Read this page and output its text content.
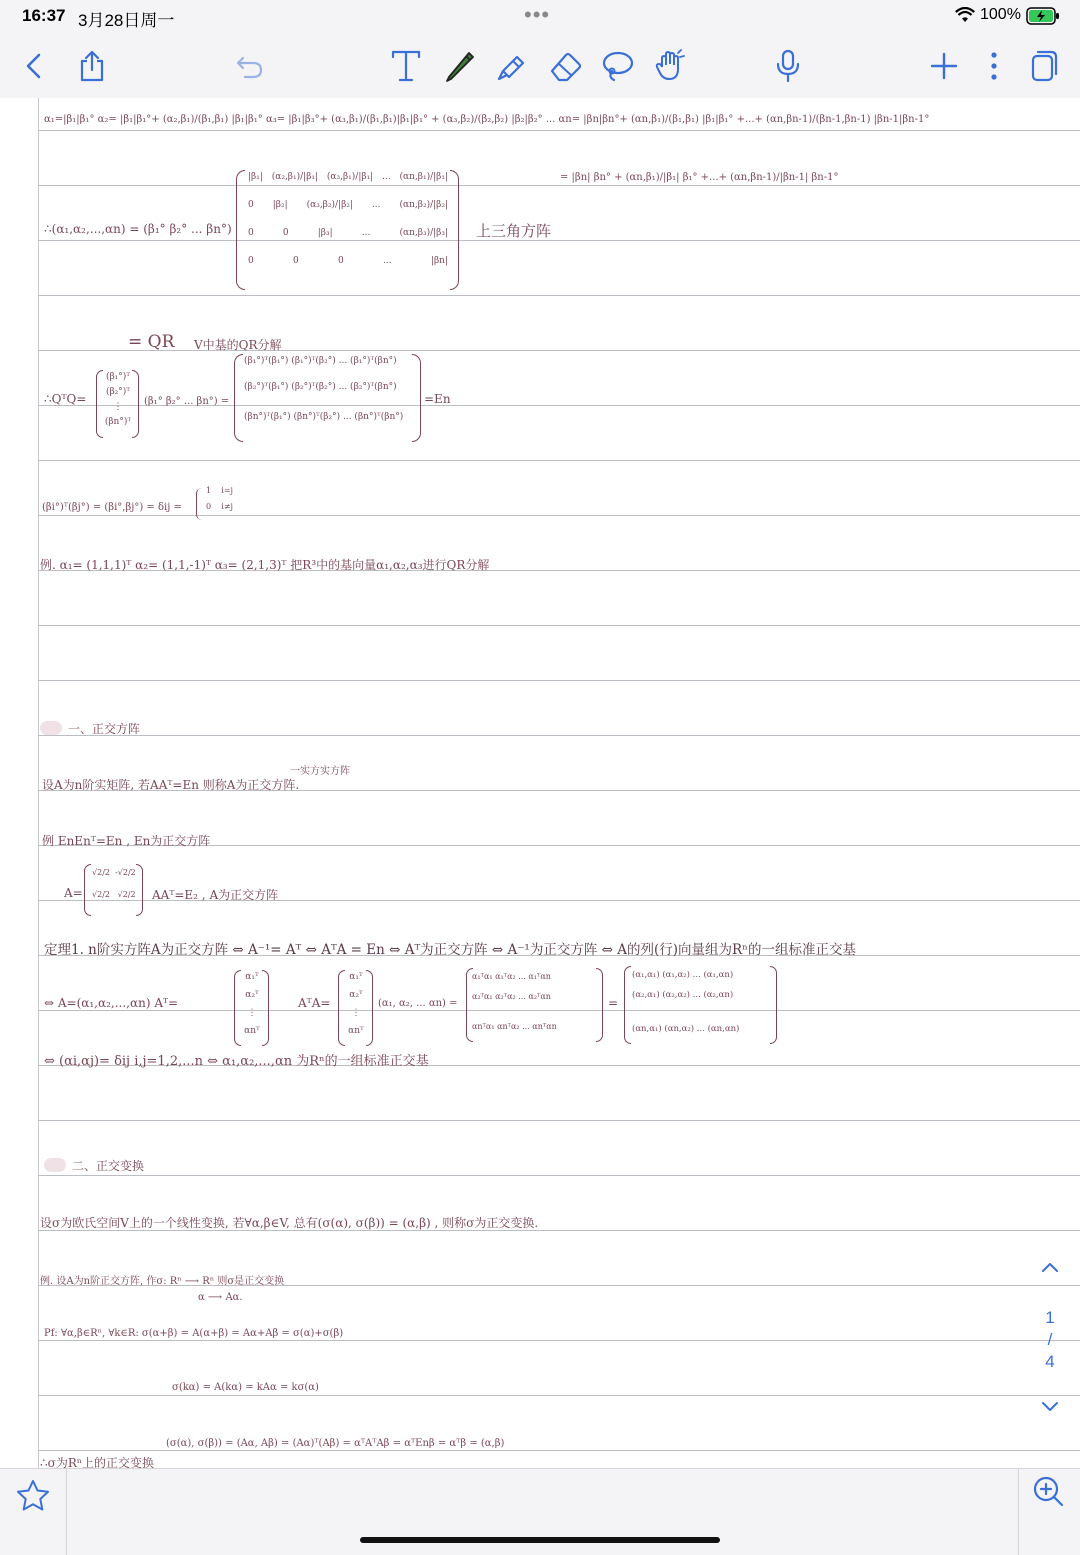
16:37 3月28日周一	•••	100%
α₁=|β₁|β₁° α₂= |β₁|β₁°+ (α₂,β₁)/(β₁,β₁) |β₁|β₁° α₃= |β₁|β₃°+ (α₃,β₁)/(β₁,β₁)|β₁|β₁° + (α₃,β₂)/(β₂,β₂) |β₂|β₂° ... αn= |βn|βn°+ (αn,β₁)/(β₁,β₁) |β₁|β₁° +...+ (αn,βn-1)/(βn-1,βn-1) |βn-1|βn-1°
= |βn| βn° + (αn,β₁)/|β₁| β₁° +...+ (αn,βn-1)/|βn-1| βn-1°
∴(α₁,α₂,...,αn) = (β₁° β₂° ... βn°)
|β₁| (α₂,β₁)/|β₁| (α₃,β₁)/|β₁| ... (αn,β₁)/|β₁|
0 |β₂| (α₃,β₂)/|β₂| ... (αn,β₂)/|β₂|
0	0	|β₃|	...	(αn,β₃)/|β₃|
0	0	0	...	|βn|
上三角方阵
= QR V中基的QR分解
∴QᵀQ=
(β₁°)ᵀ
(β₂°)ᵀ
⋮
(βn°)ᵀ
(β₁° β₂° ... βn°) =
(β₁°)ᵀ(β₁°) (β₁°)ᵀ(β₂°) ... (β₁°)ᵀ(βn°)
(β₂°)ᵀ(β₁°) (β₂°)ᵀ(β₂°) ... (β₂°)ᵀ(βn°)
(βn°)ᵀ(β₁°) (βn°)ᵀ(β₂°) ... (βn°)ᵀ(βn°)
=En
(βi°)ᵀ(βj°) = (βi°,βj°) = δij =
1    i=j
0    i≠j
例. α₁= (1,1,1)ᵀ α₂= (1,1,-1)ᵀ α₃= (2,1,3)ᵀ 把R³中的基向量α₁,α₂,α₃进行QR分解
一、正交方阵
一实方实方阵
设A为n阶实矩阵, 若AAᵀ=En 则称A为正交方阵.
例 EnEnᵀ=En , En为正交方阵
A=
√2/2  -√2/2
√2/2   √2/2 AAᵀ=E₂ , A为正交方阵
定理1. n阶实方阵A为正交方阵 ⇔ A⁻¹= Aᵀ ⇔ AᵀA = En ⇔ Aᵀ为正交方阵 ⇔ A⁻¹为正交方阵 ⇔ A的列(行)向量组为Rⁿ的一组标准正交基
⇔ A=(α₁,α₂,...,αn) Aᵀ=
α₁ᵀ
α₂ᵀ
⋮
αnᵀ
AᵀA=
α₁ᵀ
α₂ᵀ
⋮
αnᵀ
(α₁, α₂, ... αn) =
α₁ᵀα₁ α₁ᵀα₂ ... α₁ᵀαn
α₂ᵀα₁ α₂ᵀα₂ ... α₂ᵀαn
αnᵀα₁ αnᵀα₂ ... αnᵀαn
=
(α₁,α₁) (α₁,α₂) ... (α₁,αn)
(α₂,α₁) (α₂,α₂) ... (α₂,αn)
(αn,α₁) (αn,α₂) ... (αn,αn)
⇔ (αi,αj)= δij i,j=1,2,...n ⇔ α₁,α₂,...,αn 为Rⁿ的一组标准正交基
二、正交变换
设σ为欧氏空间V上的一个线性变换, 若∀α,β∈V, 总有(σ(α), σ(β)) = (α,β) , 则称σ为正交变换.
例. 设A为n阶正交方阵, 作σ: Rⁿ ⟶ Rⁿ 则σ是正交变换
α ⟶ Aα.
Pf: ∀α,β∈Rⁿ, ∀k∈R: σ(α+β) = A(α+β) = Aα+Aβ = σ(α)+σ(β)
σ(kα) = A(kα) = kAα = kσ(α)
(σ(α), σ(β)) = (Aα, Aβ) = (Aα)ᵀ(Aβ) = αᵀAᵀAβ = αᵀEnβ = αᵀβ = (α,β)
∴σ为Rⁿ上的正交变换
1
/
4
